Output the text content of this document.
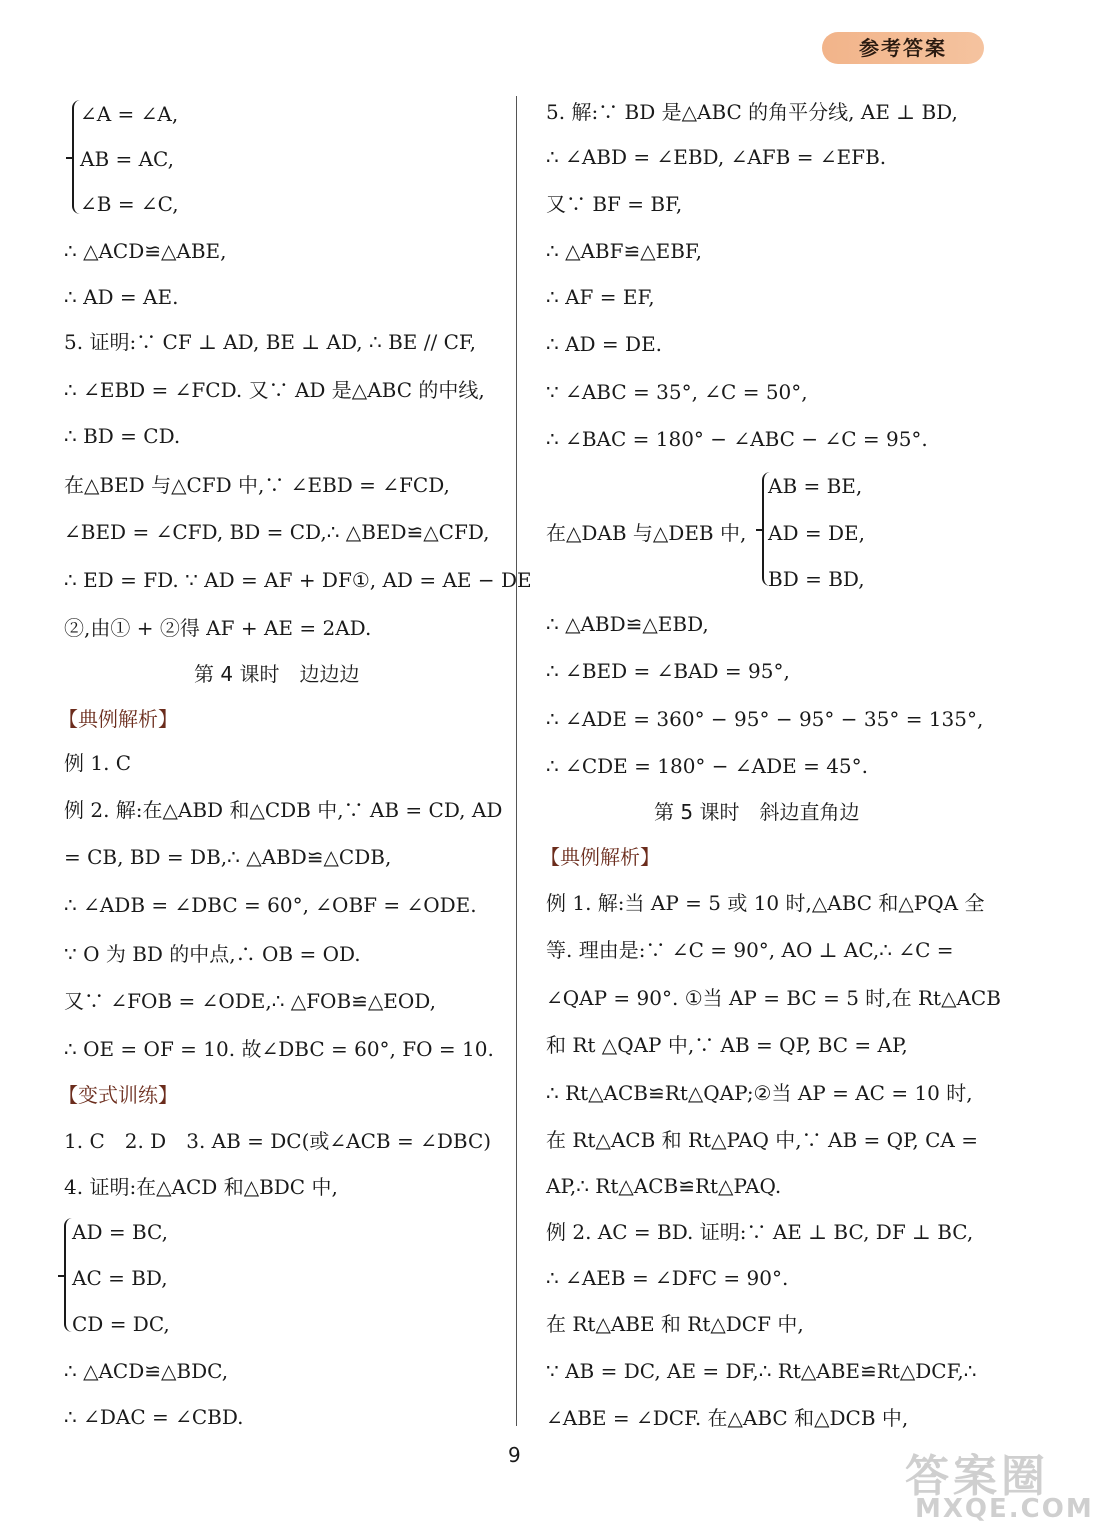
参考答案
∠A = ∠A,
AB = AC,
∠B = ∠C,
∴ △ACD≌△ABE,
∴ AD = AE.
5. 证明:∵ CF ⊥ AD, BE ⊥ AD, ∴ BE // CF,
∴ ∠EBD = ∠FCD. 又∵ AD 是△ABC 的中线,
∴ BD = CD.
在△BED 与△CFD 中,∵ ∠EBD = ∠FCD,
∠BED = ∠CFD, BD = CD,∴ △BED≌△CFD,
∴ ED = FD. ∵ AD = AF + DF①, AD = AE − DE
②,由① + ②得 AF + AE = 2AD.
第 4 课时　边边边
【典例解析】
例 1. C
例 2. 解:在△ABD 和△CDB 中,∵ AB = CD, AD
= CB, BD = DB,∴ △ABD≌△CDB,
∴ ∠ADB = ∠DBC = 60°, ∠OBF = ∠ODE.
∵ O 为 BD 的中点,∴ OB = OD.
又∵ ∠FOB = ∠ODE,∴ △FOB≌△EOD,
∴ OE = OF = 10. 故∠DBC = 60°, FO = 10.
【变式训练】
1. C　2. D　3. AB = DC(或∠ACB = ∠DBC)
4. 证明:在△ACD 和△BDC 中,
AD = BC,
AC = BD,
CD = DC,
∴ △ACD≌△BDC,
∴ ∠DAC = ∠CBD.
5. 解:∵ BD 是△ABC 的角平分线, AE ⊥ BD,
∴ ∠ABD = ∠EBD, ∠AFB = ∠EFB.
又∵ BF = BF,
∴ △ABF≌△EBF,
∴ AF = EF,
∴ AD = DE.
∵ ∠ABC = 35°, ∠C = 50°,
∴ ∠BAC = 180° − ∠ABC − ∠C = 95°.
在△DAB 与△DEB 中,
AB = BE,
AD = DE,
BD = BD,
∴ △ABD≌△EBD,
∴ ∠BED = ∠BAD = 95°,
∴ ∠ADE = 360° − 95° − 95° − 35° = 135°,
∴ ∠CDE = 180° − ∠ADE = 45°.
第 5 课时　斜边直角边
【典例解析】
例 1. 解:当 AP = 5 或 10 时,△ABC 和△PQA 全
等. 理由是:∵ ∠C = 90°, AO ⊥ AC,∴ ∠C =
∠QAP = 90°. ①当 AP = BC = 5 时,在 Rt△ACB
和 Rt △QAP 中,∵ AB = QP, BC = AP,
∴ Rt△ACB≌Rt△QAP;②当 AP = AC = 10 时,
在 Rt△ACB 和 Rt△PAQ 中,∵ AB = QP, CA =
AP,∴ Rt△ACB≌Rt△PAQ.
例 2. AC = BD. 证明:∵ AE ⊥ BC, DF ⊥ BC,
∴ ∠AEB = ∠DFC = 90°.
在 Rt△ABE 和 Rt△DCF 中,
∵ AB = DC, AE = DF,∴ Rt△ABE≌Rt△DCF,∴
∠ABE = ∠DCF. 在△ABC 和△DCB 中,
9	答案圈
MXQE.COM
